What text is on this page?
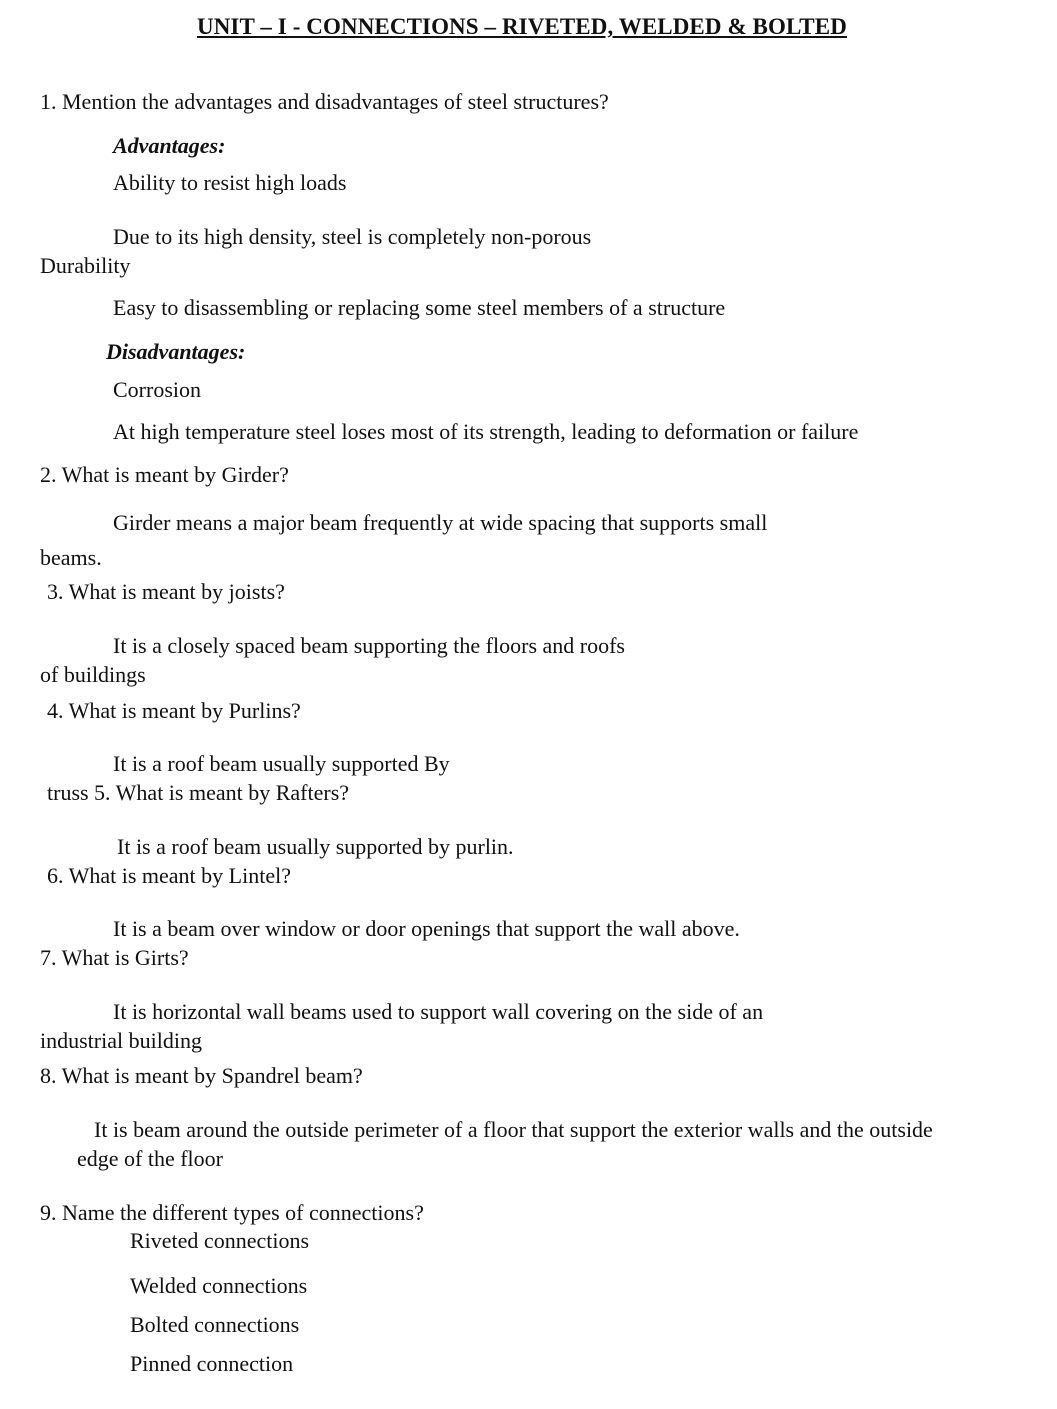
UNIT – I - CONNECTIONS – RIVETED, WELDED & BOLTED
1. Mention the advantages and disadvantages of steel structures?
Advantages:
Ability to resist high loads
Due to its high density, steel is completely non-porous
Durability
Easy to disassembling or replacing some steel members of a structure
Disadvantages:
Corrosion
At high temperature steel loses most of its strength, leading to deformation or failure
2. What is meant by Girder?
Girder means a major beam frequently at wide spacing that supports small
beams.
3. What is meant by joists?
It is a closely spaced beam supporting the floors and roofs
of buildings
4. What is meant by Purlins?
It is a roof beam usually supported By
truss 5. What is meant by Rafters?
It is a roof beam usually supported by purlin.
6. What is meant by Lintel?
It is a beam over window or door openings that support the wall above.
7. What is Girts?
It is horizontal wall beams used to support wall covering on the side of an
industrial building
8. What is meant by Spandrel beam?
It is beam around the outside perimeter of a floor that support the exterior walls and the outside
edge of the floor
9. Name the different types of connections?
Riveted connections
Welded connections
Bolted connections
Pinned connection
